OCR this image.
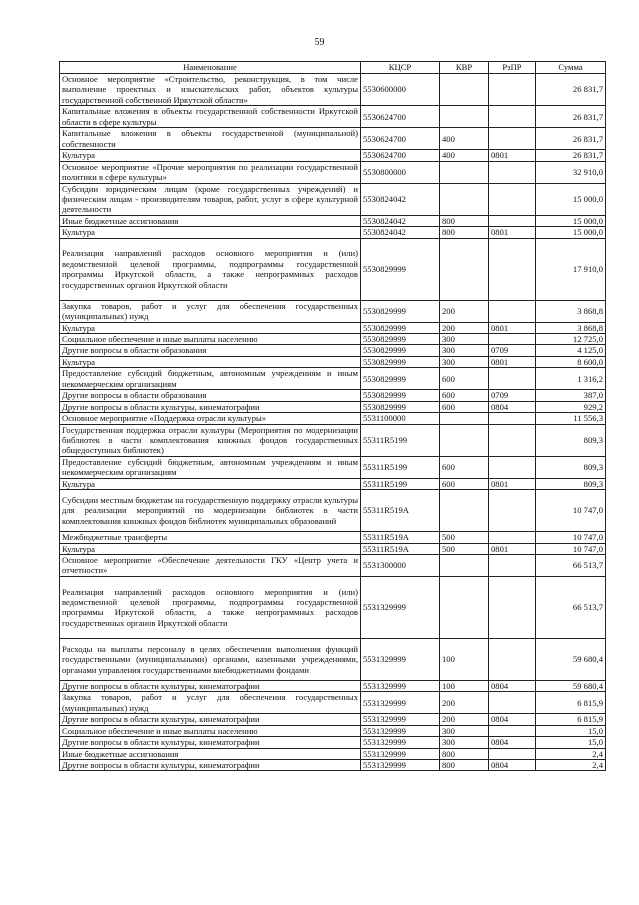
59
Наименование	КЦСР	КВР	РзПР	Сумма
Основное мероприятие «Строительство, реконструкция, в том числе выполнение проектных и изыскательских работ, объектов культуры государственной собственной Иркутской области»	5530600000			26 831,7
Капитальные вложения в объекты государственной собственности Иркутской области в сфере культуры	5530624700			26 831,7
Капитальные вложения в объекты государственной (муниципальной) собственности	5530624700	400		26 831,7
Культура	5530624700	400	0801	26 831,7
Основное мероприятие «Прочие мероприятия по реализации государственной политики в сфере культуры»	5530800000			32 910,0
Субсидии юридическим лицам (кроме государственных учреждений) и физическим лицам - производителям товаров, работ, услуг в сфере культурной деятельности	5530824042			15 000,0
Иные бюджетные ассигнования	5530824042	800		15 000,0
Культура	5530824042	800	0801	15 000,0
Реализация направлений расходов основного мероприятия и (или) ведомственной целевой программы, подпрограммы государственной программы Иркутской области, а также непрограммных расходов государственных органов Иркутской области	5530829999			17 910,0
Закупка товаров, работ и услуг для обеспечения государственных (муниципальных) нужд	5530829999	200		3 868,8
Культура	5530829999	200	0801	3 868,8
Социальное обеспечение и иные выплаты населению	5530829999	300		12 725,0
Другие вопросы в области образования	5530829999	300	0709	4 125,0
Культура	5530829999	300	0801	8 600,0
Предоставление субсидий бюджетным, автономным учреждениям и иным некоммерческим организациям	5530829999	600		1 316,2
Другие вопросы в области образования	5530829999	600	0709	387,0
Другие вопросы в области культуры, кинематографии	5530829999	600	0804	929,2
Основное мероприятие «Поддержка отрасли культуры»	5531100000			11 556,3
Государственная поддержка отрасли культуры (Мероприятия по модернизации библиотек в части комплектования книжных фондов государственных общедоступных библиотек)	55311R5199			809,3
Предоставление субсидий бюджетным, автономным учреждениям и иным некоммерческим организациям	55311R5199	600		809,3
Культура	55311R5199	600	0801	809,3
Субсидии местным бюджетам на государственную поддержку отрасли культуры для реализации мероприятий по модернизации библиотек в части комплектования книжных фондов библиотек муниципальных образований	55311R519A			10 747,0
Межбюджетные трансферты	55311R519A	500		10 747,0
Культура	55311R519A	500	0801	10 747,0
Основное мероприятие «Обеспечение деятельности ГКУ «Центр учета и отчетности»	5531300000			66 513,7
Реализация направлений расходов основного мероприятия и (или) ведомственной целевой программы, подпрограммы государственной программы Иркутской области, а также непрограммных расходов государственных органов Иркутской области	5531329999			66 513,7
Расходы на выплаты персоналу в целях обеспечения выполнения функций государственными (муниципальными) органами, казенными учреждениями, органами управления государственными внебюджетными фондами	5531329999	100		59 680,4
Другие вопросы в области культуры, кинематографии	5531329999	100	0804	59 680,4
Закупка товаров, работ и услуг для обеспечения государственных (муниципальных) нужд	5531329999	200		6 815,9
Другие вопросы в области культуры, кинематографии	5531329999	200	0804	6 815,9
Социальное обеспечение и иные выплаты населению	5531329999	300		15,0
Другие вопросы в области культуры, кинематографии	5531329999	300	0804	15,0
Иные бюджетные ассигнования	5531329999	800		2,4
Другие вопросы в области культуры, кинематографии	5531329999	800	0804	2,4
